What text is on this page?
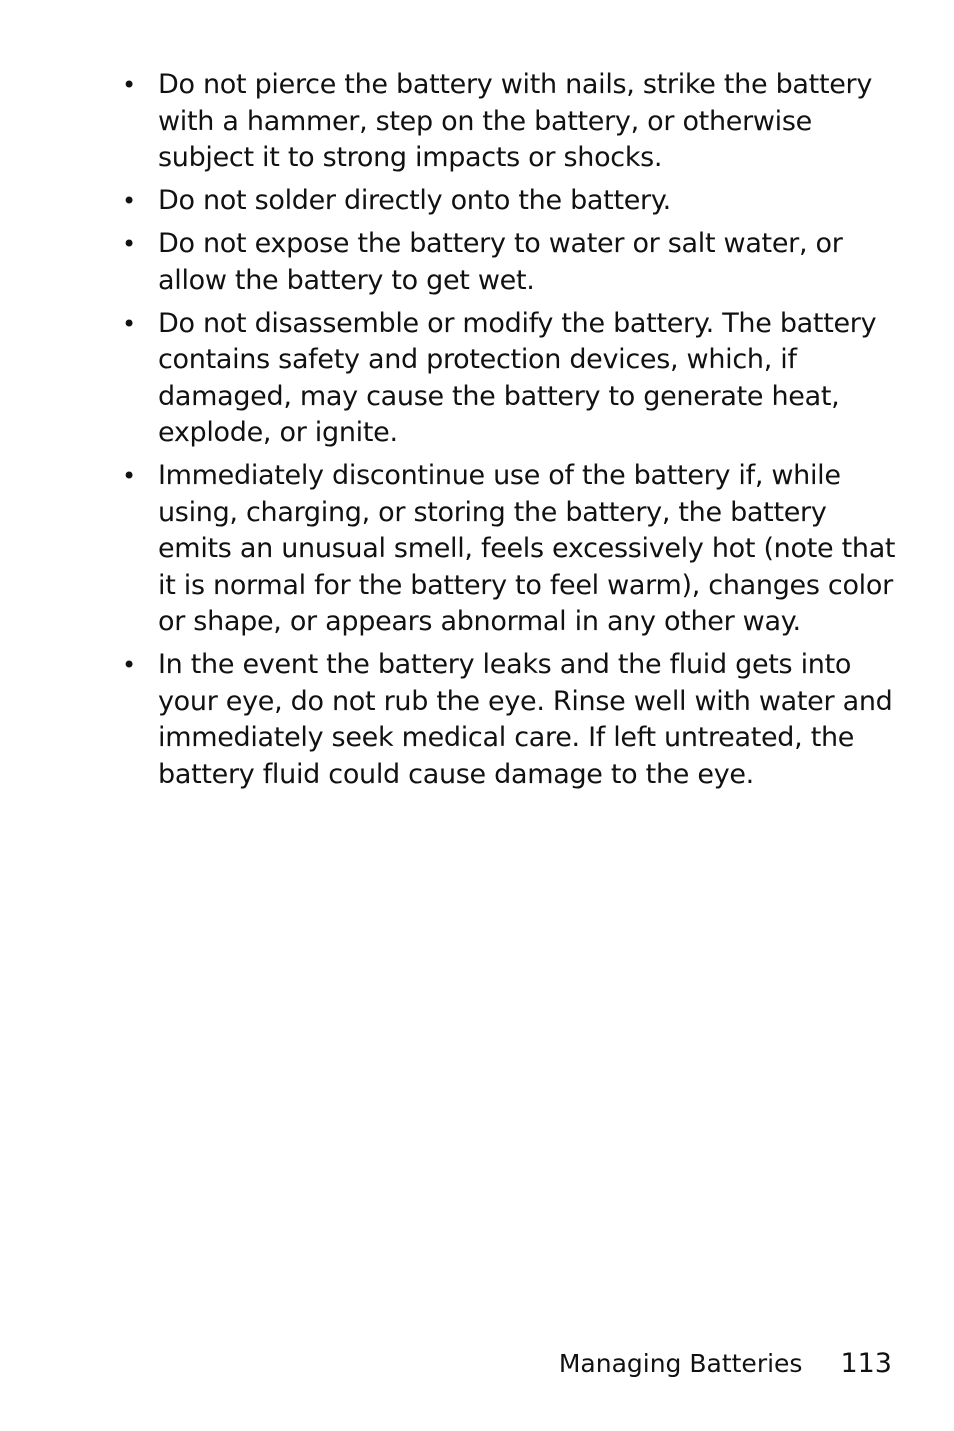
• Do not pierce the battery with nails, strike the battery with a hammer, step on the battery, or otherwise subject it to strong impacts or shocks.
• Do not solder directly onto the battery.
• Do not expose the battery to water or salt water, or allow the battery to get wet.
• Do not disassemble or modify the battery. The battery contains safety and protection devices, which, if damaged, may cause the battery to generate heat, explode, or ignite.
• Immediately discontinue use of the battery if, while using, charging, or storing the battery, the battery emits an unusual smell, feels excessively hot (note that it is normal for the battery to feel warm), changes color or shape, or appears abnormal in any other way.
• In the event the battery leaks and the fluid gets into your eye, do not rub the eye. Rinse well with water and immediately seek medical care. If left untreated, the battery fluid could cause damage to the eye.
Managing Batteries 113
